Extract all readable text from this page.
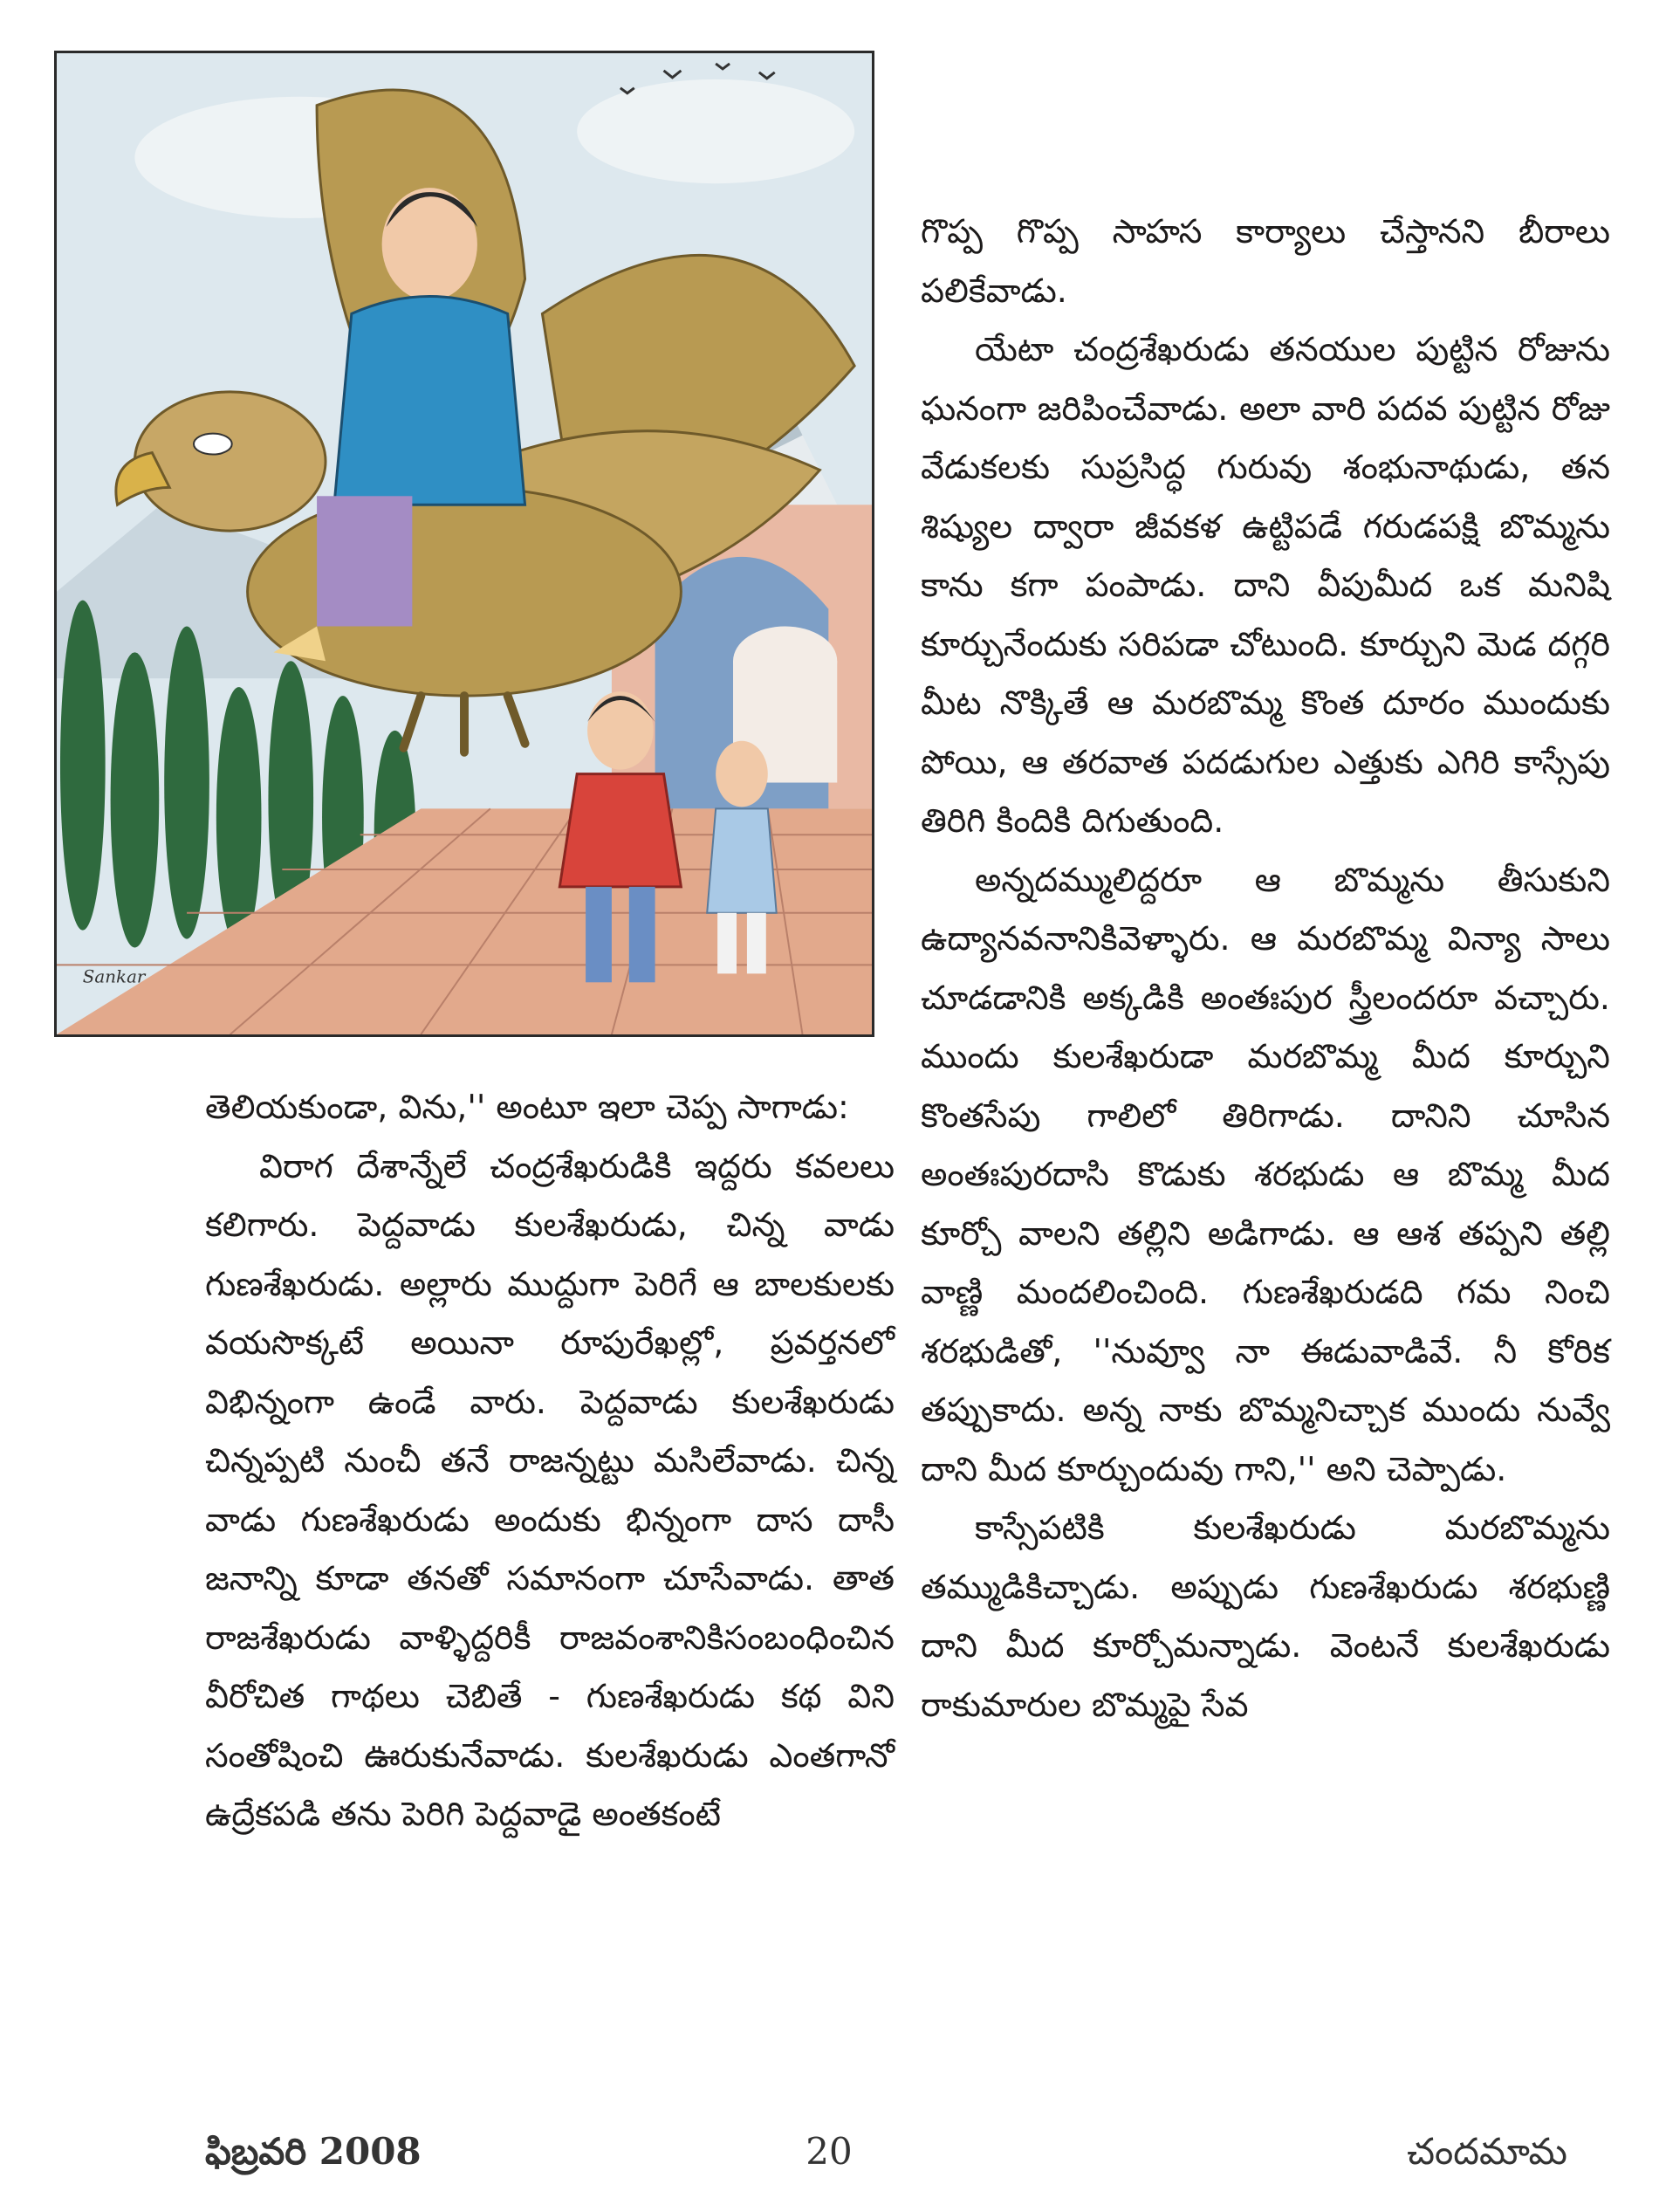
Sankar

గొప్ప గొప్ప సాహస కార్యాలు చేస్తానని బీరాలు పలికేవాడు.

యేటా చంద్రశేఖరుడు తనయుల పుట్టిన రోజును ఘనంగా జరిపించేవాడు. అలా వారి పదవ పుట్టిన రోజు వేడుకలకు సుప్రసిద్ధ గురువు శంభునాథుడు, తన శిష్యుల ద్వారా జీవకళ ఉట్టిపడే గరుడపక్షి బొమ్మను కాను కగా పంపాడు. దాని వీపుమీద ఒక మనిషి కూర్చునేందుకు సరిపడా చోటుంది. కూర్చుని మెడ దగ్గరి మీట నొక్కితే ఆ మరబొమ్మ కొంత దూరం ముందుకు పోయి, ఆ తరవాత పదడుగుల ఎత్తుకు ఎగిరి కాస్సేపు తిరిగి కిందికి దిగుతుంది.

అన్నదమ్ములిద్దరూ ఆ బొమ్మను తీసుకుని ఉద్యానవనానికివెళ్ళారు. ఆ మరబొమ్మ విన్యా సాలు చూడడానికి అక్కడికి అంతఃపుర స్త్రీలందరూ వచ్చారు. ముందు కులశేఖరుడా మరబొమ్మ మీద కూర్చుని కొంతసేపు గాలిలో తిరిగాడు. దానిని చూసిన అంతఃపురదాసి కొడుకు శరభుడు ఆ బొమ్మ మీద కూర్చో వాలని తల్లిని అడిగాడు. ఆ ఆశ తప్పని తల్లి వాణ్ణి మందలించింది. గుణశేఖరుడది గమ నించి శరభుడితో, ''నువ్వూ నా ఈడువాడివే. నీ కోరిక తప్పుకాదు. అన్న నాకు బొమ్మనిచ్చాక ముందు నువ్వే దాని మీద కూర్చుందువు గాని,'' అని చెప్పాడు.

కాస్సేపటికి కులశేఖరుడు మరబొమ్మను తమ్ముడికిచ్చాడు. అప్పుడు గుణశేఖరుడు శరభుణ్ణి దాని మీద కూర్చోమన్నాడు. వెంటనే కులశేఖరుడు రాకుమారుల బొమ్మపై సేవ

తెలియకుండా, విను,'' అంటూ ఇలా చెప్ప సాగాడు:

విరాగ దేశాన్నేలే చంద్రశేఖరుడికి ఇద్దరు కవలలు కలిగారు. పెద్దవాడు కులశేఖరుడు, చిన్న వాడు గుణశేఖరుడు. అల్లారు ముద్దుగా పెరిగే ఆ బాలకులకు వయసొక్కటే అయినా రూపురేఖల్లో, ప్రవర్తనలో విభిన్నంగా ఉండే వారు. పెద్దవాడు కులశేఖరుడు చిన్నప్పటి నుంచీ తనే రాజన్నట్టు మసిలేవాడు. చిన్న వాడు గుణశేఖరుడు అందుకు భిన్నంగా దాస దాసీ జనాన్ని కూడా తనతో సమానంగా చూసేవాడు. తాత రాజశేఖరుడు వాళ్ళిద్దరికీ రాజవంశానికిసంబంధించిన వీరోచిత గాథలు చెబితే - గుణశేఖరుడు కథ విని సంతోషించి ఊరుకునేవాడు. కులశేఖరుడు ఎంతగానో ఉద్రేకపడి తను పెరిగి పెద్దవాడై అంతకంటే

ఫిబ్రవరి 2008	20	చందమామ
